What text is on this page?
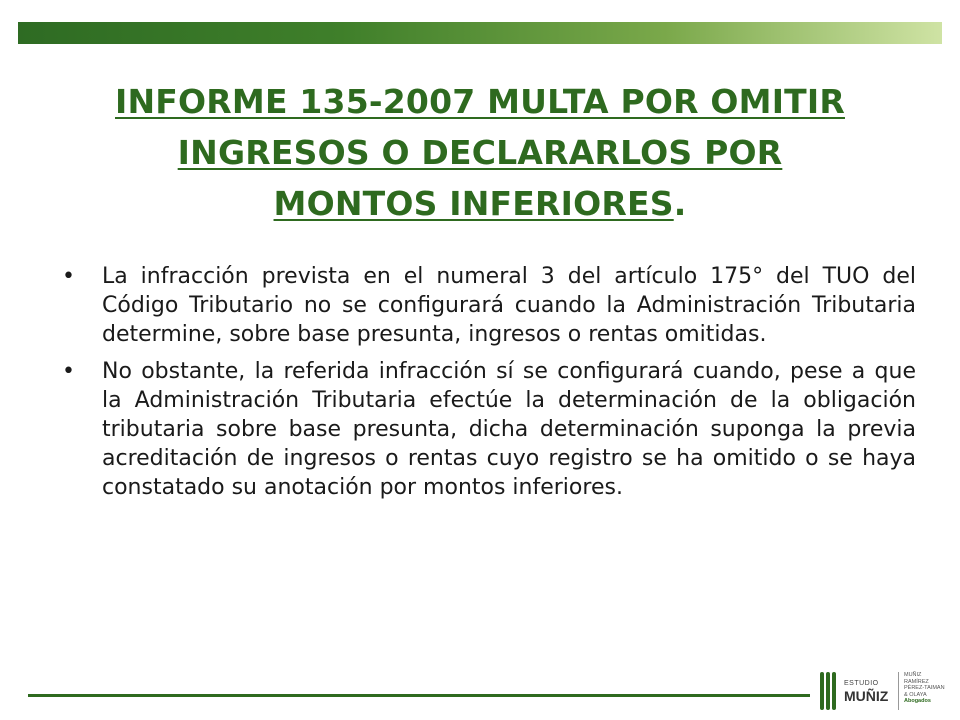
INFORME 135-2007 MULTA POR OMITIR
INGRESOS O DECLARARLOS POR
MONTOS INFERIORES.
• La infracción prevista en el numeral 3 del artículo 175° del TUO del Código Tributario no se configurará cuando la Administración Tributaria determine, sobre base presunta, ingresos o rentas omitidas.
• No obstante, la referida infracción sí se configurará cuando, pese a que la Administración Tributaria efectúe la determinación de la obligación tributaria sobre base presunta, dicha determinación suponga la previa acreditación de ingresos o rentas cuyo registro se ha omitido o se haya constatado su anotación por montos inferiores.
ESTUDIO
MUÑIZ
MUÑIZ
RAMÍREZ
PÉREZ-TAIMAN
& OLAYA
Abogados
